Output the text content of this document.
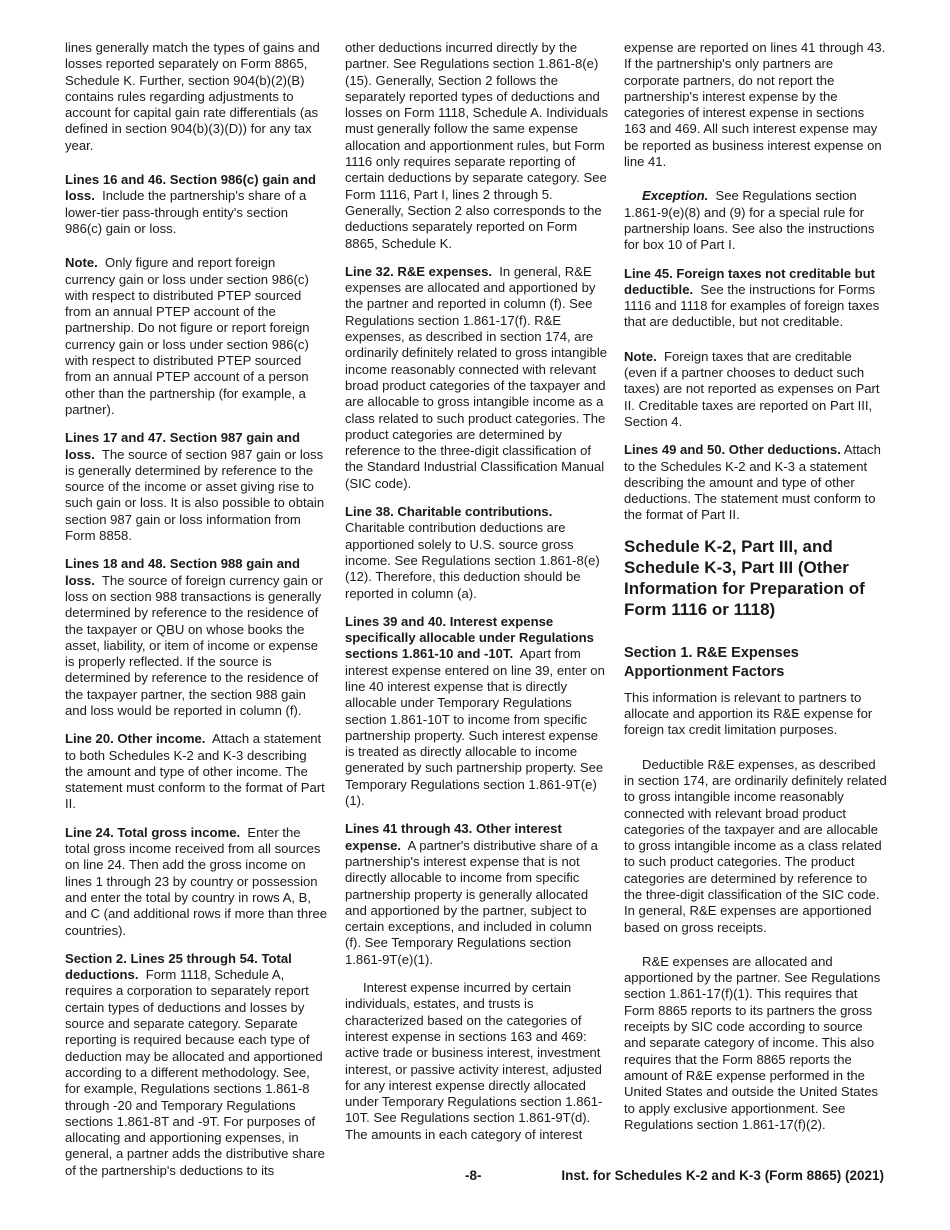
lines generally match the types of gains and losses reported separately on Form 8865, Schedule K. Further, section 904(b)(2)(B) contains rules regarding adjustments to account for capital gain rate differentials (as defined in section 904(b)(3)(D)) for any tax year.

Lines 16 and 46. Section 986(c) gain and loss. Include the partnership's share of a lower-tier pass-through entity's section 986(c) gain or loss.

Note. Only figure and report foreign currency gain or loss under section 986(c) with respect to distributed PTEP sourced from an annual PTEP account of the partnership. Do not figure or report foreign currency gain or loss under section 986(c) with respect to distributed PTEP sourced from an annual PTEP account of a person other than the partnership (for example, a partner).

Lines 17 and 47. Section 987 gain and loss. The source of section 987 gain or loss is generally determined by reference to the source of the income or asset giving rise to such gain or loss. It is also possible to obtain section 987 gain or loss information from Form 8858.

Lines 18 and 48. Section 988 gain and loss. The source of foreign currency gain or loss on section 988 transactions is generally determined by reference to the residence of the taxpayer or QBU on whose books the asset, liability, or item of income or expense is properly reflected. If the source is determined by reference to the residence of the taxpayer partner, the section 988 gain and loss would be reported in column (f).

Line 20. Other income. Attach a statement to both Schedules K-2 and K-3 describing the amount and type of other income. The statement must conform to the format of Part II.

Line 24. Total gross income. Enter the total gross income received from all sources on line 24. Then add the gross income on lines 1 through 23 by country or possession and enter the total by country in rows A, B, and C (and additional rows if more than three countries).

Section 2. Lines 25 through 54. Total deductions. Form 1118, Schedule A, requires a corporation to separately report certain types of deductions and losses by source and separate category. Separate reporting is required because each type of deduction may be allocated and apportioned according to a different methodology. See, for example, Regulations sections 1.861-8 through -20 and Temporary Regulations sections 1.861-8T and -9T. For purposes of allocating and apportioning expenses, in general, a partner adds the distributive share of the partnership's deductions to its

other deductions incurred directly by the partner. See Regulations section 1.861-8(e)(15). Generally, Section 2 follows the separately reported types of deductions and losses on Form 1118, Schedule A. Individuals must generally follow the same expense allocation and apportionment rules, but Form 1116 only requires separate reporting of certain deductions by separate category. See Form 1116, Part I, lines 2 through 5. Generally, Section 2 also corresponds to the deductions separately reported on Form 8865, Schedule K.

Line 32. R&E expenses. In general, R&E expenses are allocated and apportioned by the partner and reported in column (f). See Regulations section 1.861-17(f). R&E expenses, as described in section 174, are ordinarily definitely related to gross intangible income reasonably connected with relevant broad product categories of the taxpayer and are allocable to gross intangible income as a class related to such product categories. The product categories are determined by reference to the three-digit classification of the Standard Industrial Classification Manual (SIC code).

Line 38. Charitable contributions. Charitable contribution deductions are apportioned solely to U.S. source gross income. See Regulations section 1.861-8(e)(12). Therefore, this deduction should be reported in column (a).

Lines 39 and 40. Interest expense specifically allocable under Regulations sections 1.861-10 and -10T. Apart from interest expense entered on line 39, enter on line 40 interest expense that is directly allocable under Temporary Regulations section 1.861-10T to income from specific partnership property. Such interest expense is treated as directly allocable to income generated by such partnership property. See Temporary Regulations section 1.861-9T(e)(1).

Lines 41 through 43. Other interest expense. A partner's distributive share of a partnership's interest expense that is not directly allocable to income from specific partnership property is generally allocated and apportioned by the partner, subject to certain exceptions, and included in column (f). See Temporary Regulations section 1.861-9T(e)(1).

Interest expense incurred by certain individuals, estates, and trusts is characterized based on the categories of interest expense in sections 163 and 469: active trade or business interest, investment interest, or passive activity interest, adjusted for any interest expense directly allocated under Temporary Regulations section 1.861-10T. See Regulations section 1.861-9T(d). The amounts in each category of interest

expense are reported on lines 41 through 43. If the partnership's only partners are corporate partners, do not report the partnership's interest expense by the categories of interest expense in sections 163 and 469. All such interest expense may be reported as business interest expense on line 41.

Exception. See Regulations section 1.861-9(e)(8) and (9) for a special rule for partnership loans. See also the instructions for box 10 of Part I.

Line 45. Foreign taxes not creditable but deductible. See the instructions for Forms 1116 and 1118 for examples of foreign taxes that are deductible, but not creditable.

Note. Foreign taxes that are creditable (even if a partner chooses to deduct such taxes) are not reported as expenses on Part II. Creditable taxes are reported on Part III, Section 4.

Lines 49 and 50. Other deductions. Attach to the Schedules K-2 and K-3 a statement describing the amount and type of other deductions. The statement must conform to the format of Part II.

Schedule K-2, Part III, and Schedule K-3, Part III (Other Information for Preparation of Form 1116 or 1118)
Section 1. R&E Expenses Apportionment Factors

This information is relevant to partners to allocate and apportion its R&E expense for foreign tax credit limitation purposes.

Deductible R&E expenses, as described in section 174, are ordinarily definitely related to gross intangible income reasonably connected with relevant broad product categories of the taxpayer and are allocable to gross intangible income as a class related to such product categories. The product categories are determined by reference to the three-digit classification of the SIC code. In general, R&E expenses are apportioned based on gross receipts.

R&E expenses are allocated and apportioned by the partner. See Regulations section 1.861-17(f)(1). This requires that Form 8865 reports to its partners the gross receipts by SIC code according to source and separate category of income. This also requires that the Form 8865 reports the amount of R&E expense performed in the United States and outside the United States to apply exclusive apportionment. See Regulations section 1.861-17(f)(2).

-8-	Inst. for Schedules K-2 and K-3 (Form 8865) (2021)
